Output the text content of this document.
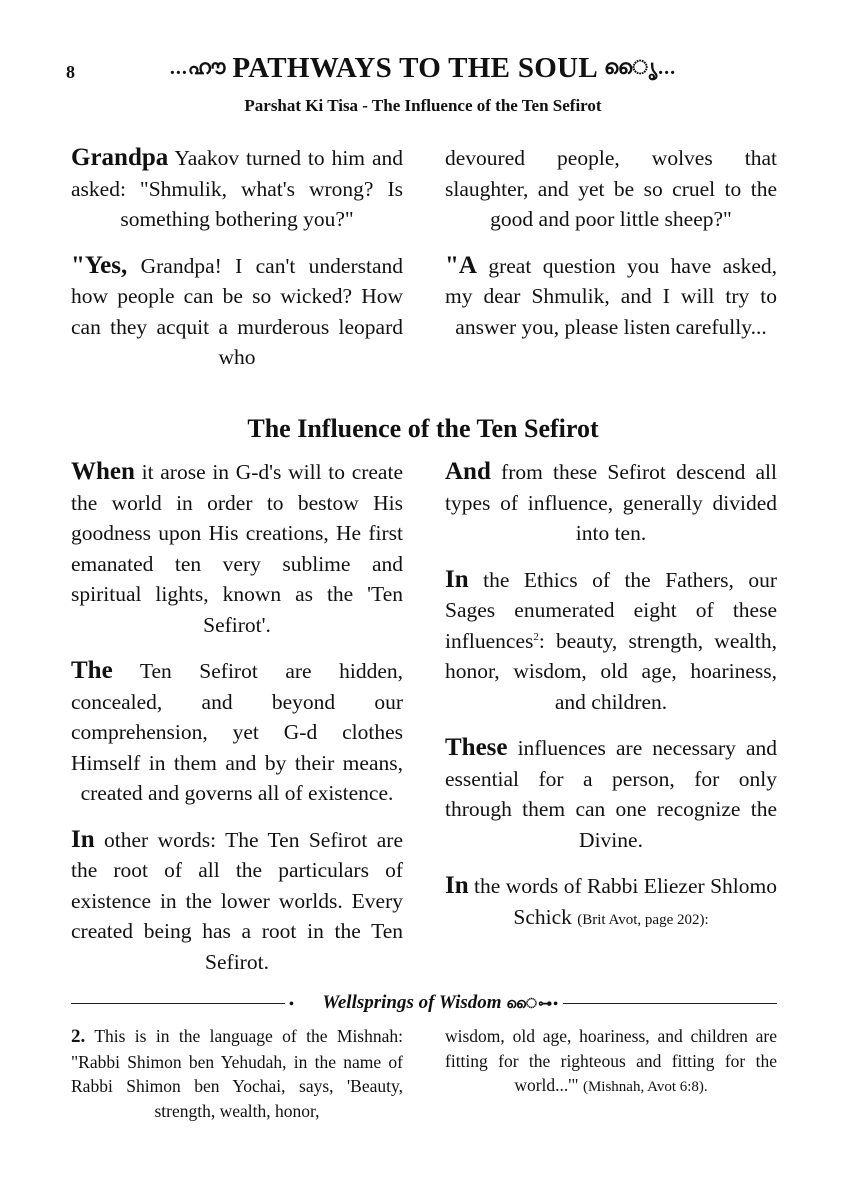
8	...ഹൗ PATHWAYS TO THE SOUL ൈൃ...
Parshat Ki Tisa - The Influence of the Ten Sefirot

Grandpa Yaakov turned to him and asked: "Shmulik, what's wrong? Is something bothering you?"

"Yes, Grandpa! I can't understand how people can be so wicked? How can they acquit a murderous leopard who

devoured people, wolves that slaughter, and yet be so cruel to the good and poor little sheep?"

"A great question you have asked, my dear Shmulik, and I will try to answer you, please listen carefully...

The Influence of the Ten Sefirot

When it arose in G-d's will to create the world in order to bestow His goodness upon His creations, He first emanated ten very sublime and spiritual lights, known as the 'Ten Sefirot'.

The Ten Sefirot are hidden, concealed, and beyond our comprehension, yet G-d clothes Himself in them and by their means, created and governs all of existence.

In other words: The Ten Sefirot are the root of all the particulars of existence in the lower worlds. Every created being has a root in the Ten Sefirot.

And from these Sefirot descend all types of influence, generally divided into ten.

In the Ethics of the Fathers, our Sages enumerated eight of these influences$^2$: beauty, strength, wealth, honor, wisdom, old age, hoariness, and children.

These influences are necessary and essential for a person, for only through them can one recognize the Divine.

In the words of Rabbi Eliezer Shlomo Schick (Brit Avot, page 202):

•⊷ൗ Wellsprings of Wisdom ൈ⊶•

2. This is in the language of the Mishnah: "Rabbi Shimon ben Yehudah, in the name of Rabbi Shimon ben Yochai, says, 'Beauty, strength, wealth, honor,

wisdom, old age, hoariness, and children are fitting for the righteous and fitting for the world...'" (Mishnah, Avot 6:8).
